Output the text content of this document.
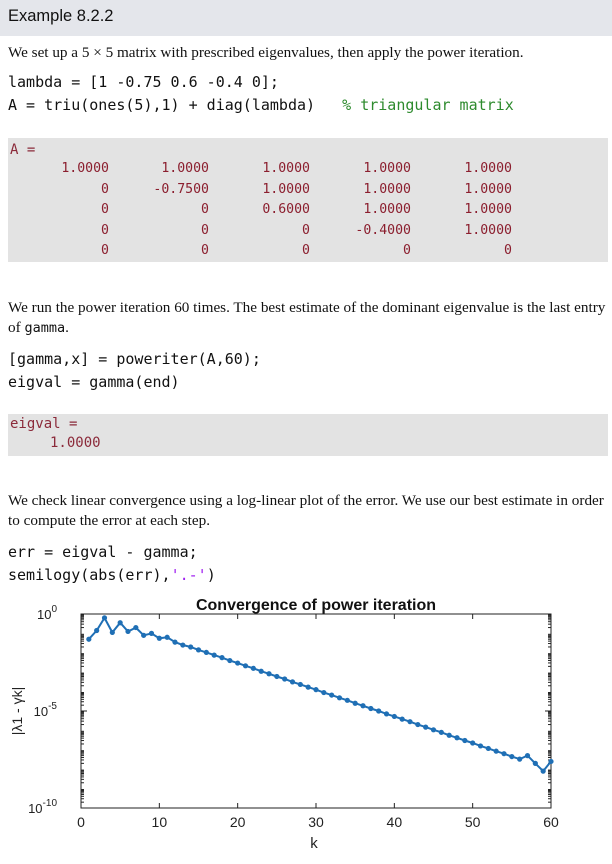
Example 8.2.2
We set up a 5 × 5 matrix with prescribed eigenvalues, then apply the power iteration.
lambda = [1 -0.75 0.6 -0.4 0];
A = triu(ones(5),1) + diag(lambda) % triangular matrix
A =
1.0000	1.0000	1.0000	1.0000	1.0000
0	-0.7500	1.0000	1.0000	1.0000
0	0	0.6000	1.0000	1.0000
0	0	0	-0.4000	1.0000
0	0	0	0	0
We run the power iteration 60 times. The best estimate of the dominant eigenvalue is the last entry of gamma.
[gamma,x] = poweriter(A,60);
eigval = gamma(end)
eigval =
1.0000
We check linear convergence using a log-linear plot of the error. We use our best estimate in order to compute the error at each step.
err = eigval - gamma;
semilogy(abs(err),'.-')
Convergence of power iteration
0	10	20	30	40	50	60
k
$10^0$
$10^{-5}$
$10^{-10}$
|λ1 - γk|
